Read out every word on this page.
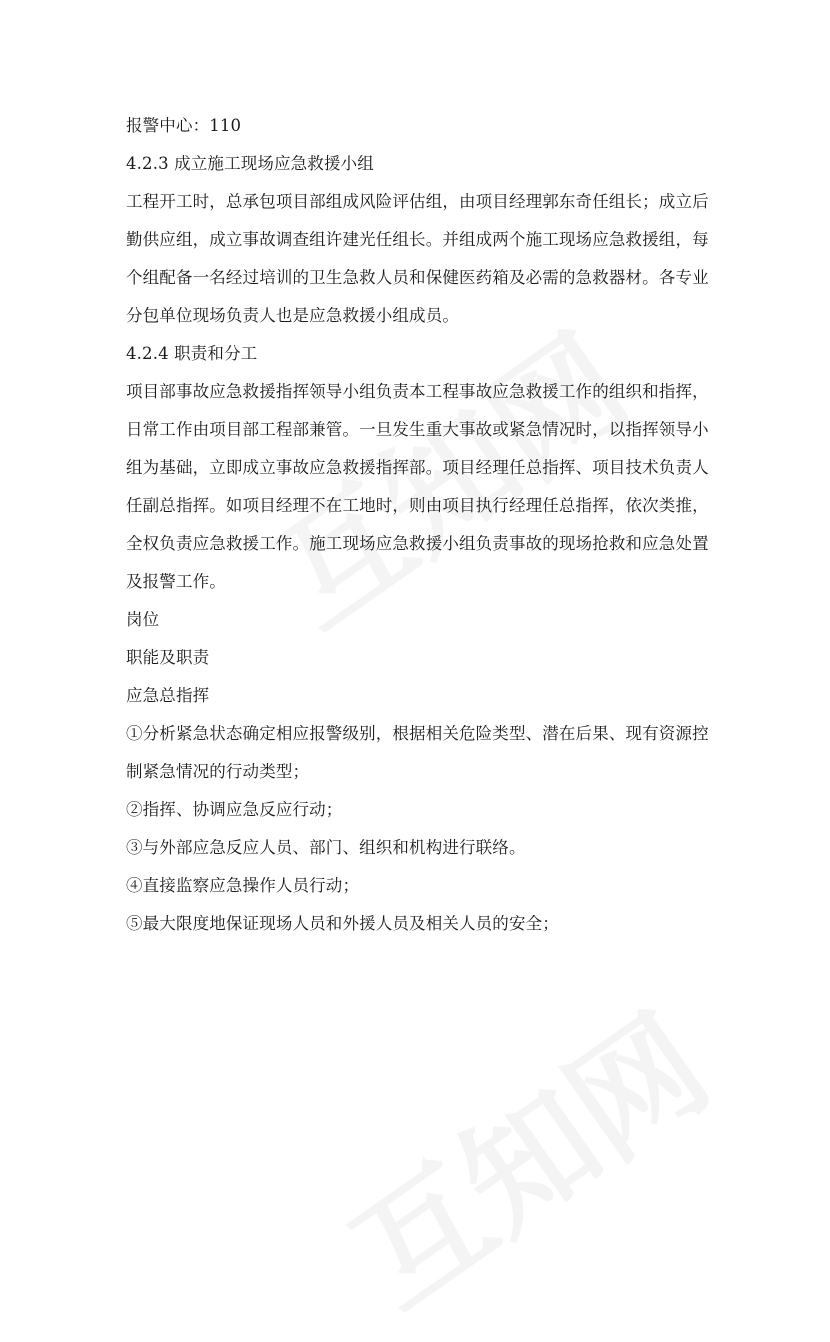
报警中心：110

4.2.3 成立施工现场应急救援小组

工程开工时，总承包项目部组成风险评估组，由项目经理郭东奇任组长；成立后

勤供应组，成立事故调查组许建光任组长。并组成两个施工现场应急救援组，每

个组配备一名经过培训的卫生急救人员和保健医药箱及必需的急救器材。各专业

分包单位现场负责人也是应急救援小组成员。

4.2.4 职责和分工

项目部事故应急救援指挥领导小组负责本工程事故应急救援工作的组织和指挥，

日常工作由项目部工程部兼管。一旦发生重大事故或紧急情况时，以指挥领导小

组为基础，立即成立事故应急救援指挥部。项目经理任总指挥、项目技术负责人

任副总指挥。如项目经理不在工地时，则由项目执行经理任总指挥，依次类推，

全权负责应急救援工作。施工现场应急救援小组负责事故的现场抢救和应急处置

及报警工作。

岗位

职能及职责

应急总指挥

①分析紧急状态确定相应报警级别，根据相关危险类型、潜在后果、现有资源控

制紧急情况的行动类型；

②指挥、协调应急反应行动；

③与外部应急反应人员、部门、组织和机构进行联络。

④直接监察应急操作人员行动；

⑤最大限度地保证现场人员和外援人员及相关人员的安全；
